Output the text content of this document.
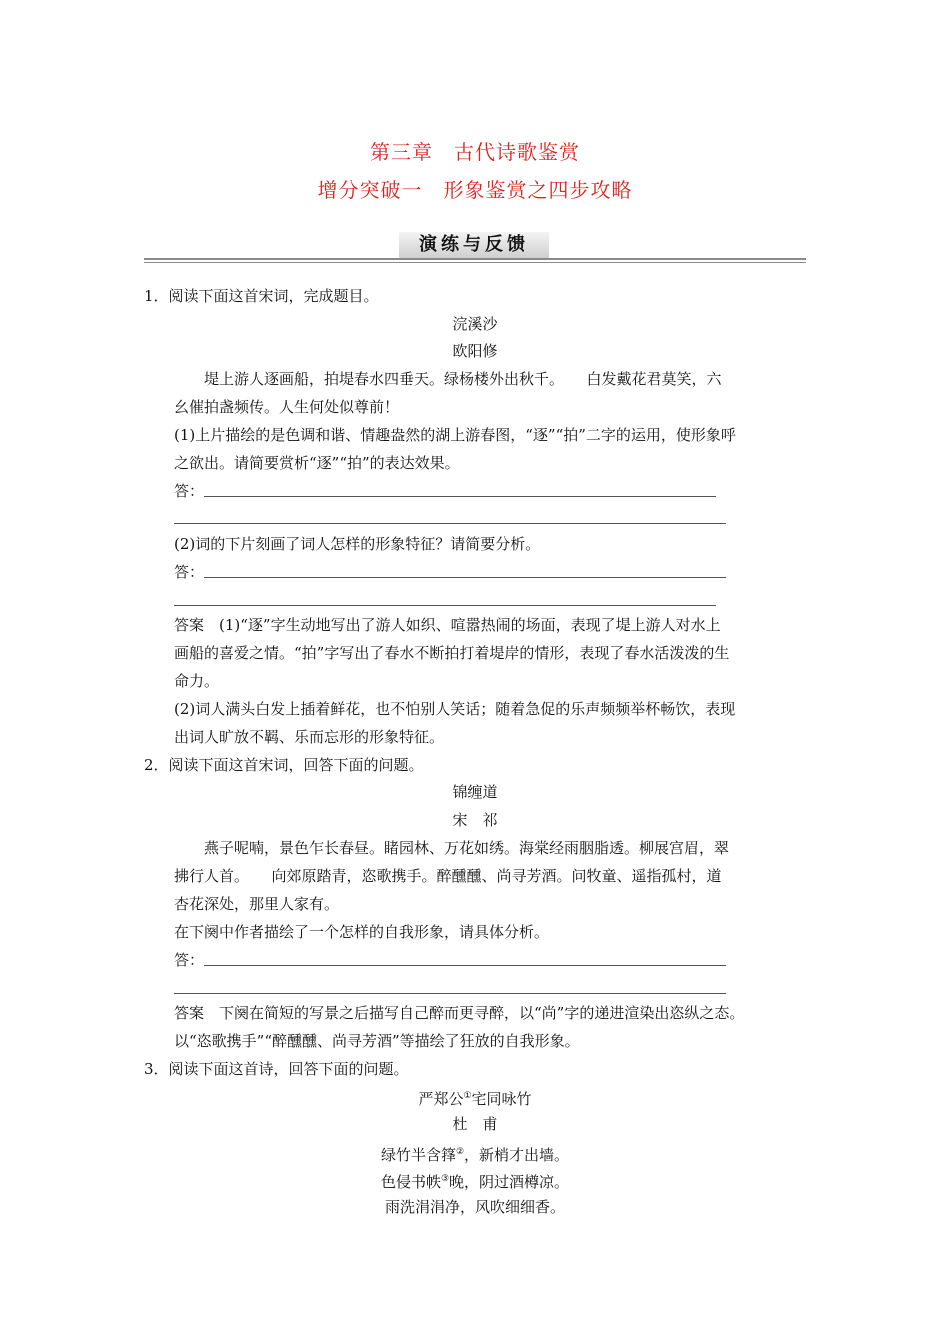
第三章　古代诗歌鉴赏
增分突破一　形象鉴赏之四步攻略
演练与反馈
1．阅读下面这首宋词，完成题目。
浣溪沙
欧阳修
堤上游人逐画船，拍堤春水四垂天。绿杨楼外出秋千。　　白发戴花君莫笑，六
幺催拍盏频传。人生何处似尊前！
(1)上片描绘的是色调和谐、情趣盎然的湖上游春图，“逐”“拍”二字的运用，使形象呼
之欲出。请简要赏析“逐”“拍”的表达效果。
答：
(2)词的下片刻画了词人怎样的形象特征？请简要分析。
答：
答案　(1)“逐”字生动地写出了游人如织、喧嚣热闹的场面，表现了堤上游人对水上
画船的喜爱之情。“拍”字写出了春水不断拍打着堤岸的情形，表现了春水活泼泼的生
命力。
(2)词人满头白发上插着鲜花，也不怕别人笑话；随着急促的乐声频频举杯畅饮，表现
出词人旷放不羁、乐而忘形的形象特征。
2．阅读下面这首宋词，回答下面的问题。
锦缠道
宋　祁
燕子呢喃，景色乍长春昼。睹园林、万花如绣。海棠经雨胭脂透。柳展宫眉，翠
拂行人首。　　向郊原踏青，恣歌携手。醉醺醺、尚寻芳酒。问牧童、遥指孤村，道
杏花深处，那里人家有。
在下阕中作者描绘了一个怎样的自我形象，请具体分析。
答：
答案　下阕在简短的写景之后描写自己醉而更寻醉，以“尚”字的递进渲染出恣纵之态。
以“恣歌携手”“醉醺醺、尚寻芳酒”等描绘了狂放的自我形象。
3．阅读下面这首诗，回答下面的问题。
严郑公①宅同咏竹
杜　甫
绿竹半含箨②，新梢才出墙。
色侵书帙③晚，阴过酒樽凉。
雨洗涓涓净，风吹细细香。
